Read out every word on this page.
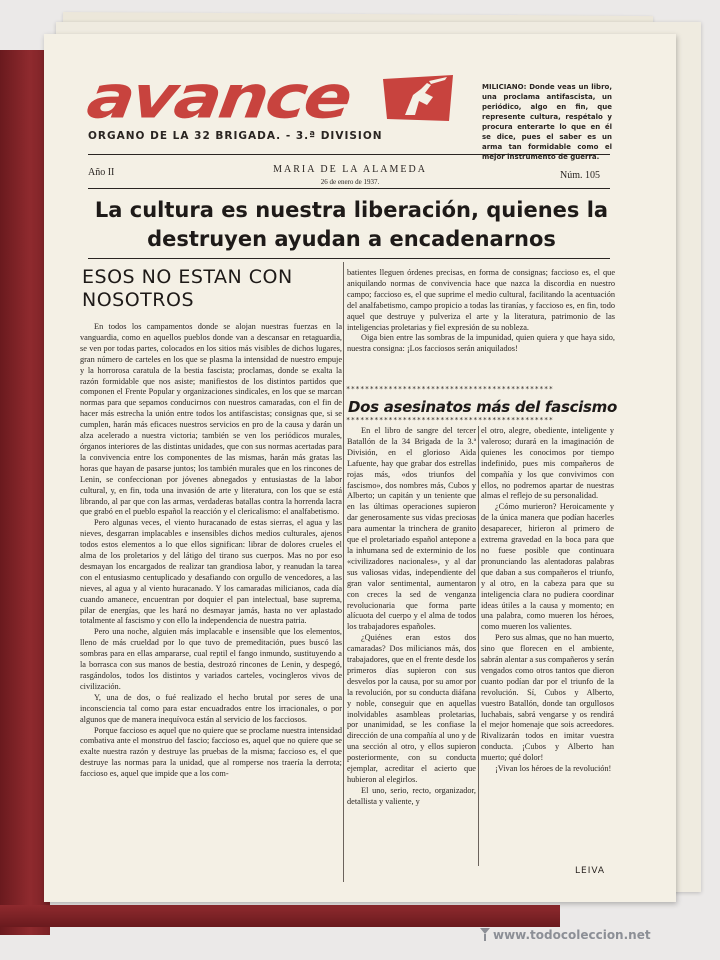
avance
ORGANO DE LA 32 BRIGADA. - 3.ª DIVISION
MILICIANO: Donde veas un libro, una proclama antifascista, un periódico, algo en fin, que represente cultura, respétalo y procura enterarte lo que en él se dice, pues el saber es un arma tan formidable como el mejor instrumento de guerra.
Año II	MARIA DE LA ALAMEDA
26 de enero de 1937.
Núm. 105
La cultura es nuestra liberación, quienes la destruyen ayudan a encadenarnos
ESOS NO ESTAN CON NOSOTROS

En todos los campamentos donde se alojan nuestras fuerzas en la vanguardia, como en aquellos pueblos donde van a descansar en retaguardia, se ven por todas partes, colocados en los sitios más visibles de dichos lugares, gran número de carteles en los que se plasma la intensidad de nuestro empuje y la horrorosa caratula de la bestia fascista; proclamas, donde se exalta la razón formidable que nos asiste; manifiestos de los distintos partidos que componen el Frente Popular y organizaciones sindicales, en los que se marcan normas para que sepamos conducirnos con nuestros camaradas, con el fin de hacer más estrecha la unión entre todos los antifascistas; consignas que, si se cumplen, harán más eficaces nuestros servicios en pro de la causa y darán un alza acelerado a nuestra victoria; también se ven los periódicos murales, órganos interiores de las distintas unidades, que con sus normas acertadas para la convivencia entre los componentes de las mismas, harán más gratas las horas que hayan de pasarse juntos; los también murales que en los rincones de Lenin, se confeccionan por jóvenes abnegados y entusiastas de la labor cultural, y, en fin, toda una invasión de arte y literatura, con los que se está librando, al par que con las armas, verdaderas batallas contra la horrenda lacra que grabó en el pueblo español la reacción y el clericalismo: el analfabetismo.

Pero algunas veces, el viento huracanado de estas sierras, el agua y las nieves, desgarran implacables e insensibles dichos medios culturales, ajenos todos estos elementos a lo que ellos significan: librar de dolores crueles el alma de los proletarios y del látigo del tirano sus cuerpos. Mas no por eso desmayan los encargados de realizar tan grandiosa labor, y reanudan la tarea con el entusiasmo centuplicado y desafiando con orgullo de vencedores, a las nieves, al agua y al viento huracanado. Y los camaradas milicianos, cada día cuando amanece, encuentran por doquier el pan intelectual, base suprema, pilar de energías, que les hará no desmayar jamás, hasta no ver aplastado totalmente al fascismo y con ello la independencia de nuestra patria.

Pero una noche, alguien más implacable e insensible que los elementos, lleno de más crueldad por lo que tuvo de premeditación, pues buscó las sombras para en ellas ampararse, cual reptil el fango inmundo, sustituyendo a la borrasca con sus manos de bestia, destrozó rincones de Lenin, y despegó, rasgándolos, todos los distintos y variados carteles, vocingleros vivos de civilización.

Y, una de dos, o fué realizado el hecho brutal por seres de una inconsciencia tal como para estar encuadrados entre los irracionales, o por algunos que de manera inequívoca están al servicio de los facciosos.

Porque faccioso es aquel que no quiere que se proclame nuestra intensidad combativa ante el monstruo del fascio; faccioso es, aquel que no quiere que se exalte nuestra razón y destruye las pruebas de la misma; faccioso es, el que destruye las normas para la unidad, que al romperse nos traería la derrota; faccioso es, aquel que impide que a los com-

batientes lleguen órdenes precisas, en forma de consignas; faccioso es, el que aniquilando normas de convivencia hace que nazca la discordia en nuestro campo; faccioso es, el que suprime el medio cultural, facilitando la acentuación del analfabetismo, campo propicio a todas las tiranías, y faccioso es, en fin, todo aquel que destruye y pulveriza el arte y la literatura, patrimonio de las inteligencias proletarias y fiel expresión de su nobleza.

Oiga bien entre las sombras de la impunidad, quien quiera y que haya sido, nuestra consigna: ¡Los facciosos serán aniquilados!

********************************************
Dos asesinatos más del fascismo
********************************************

En el libro de sangre del tercer Batallón de la 34 Brigada de la 3.ª División, en el glorioso Aida Lafuente, hay que grabar dos estrellas rojas más, «dos triunfos del fascismo», dos nombres más, Cubos y Alberto; un capitán y un teniente que en las últimas operaciones supieron dar generosamente sus vidas preciosas para aumentar la trinchera de granito que el proletariado español antepone a la inhumana sed de exterminio de los «civilizadores nacionales», y al dar sus valiosas vidas, independiente del gran valor sentimental, aumentaron con creces la sed de venganza revolucionaria que forma parte alícuota del cuerpo y el alma de todos los trabajadores españoles.

¿Quiénes eran estos dos camaradas? Dos milicianos más, dos trabajadores, que en el frente desde los primeros días supieron con sus desvelos por la causa, por su amor por la revolución, por su conducta diáfana y noble, conseguir que en aquellas inolvidables asambleas proletarias, por unanimidad, se les confiase la dirección de una compañía al uno y de una sección al otro, y ellos supieron posteriormente, con su conducta ejemplar, acreditar el acierto que hubieron al elegirlos.

El uno, serio, recto, organizador, detallista y valiente, y

el otro, alegre, obediente, inteligente y valeroso; durará en la imaginación de quienes les conocimos por tiempo indefinido, pues mis compañeros de compañía y los que convivimos con ellos, no podremos apartar de nuestras almas el reflejo de su personalidad.

¿Cómo murieron? Heroicamente y de la única manera que podían hacerles desaparecer, hirieron al primero de extrema gravedad en la boca para que no fuese posible que continuara pronunciando las alentadoras palabras que daban a sus compañeros el triunfo, y al otro, en la cabeza para que su inteligencia clara no pudiera coordinar ideas útiles a la causa y momento; en una palabra, como mueren los héroes, como mueren los valientes.

Pero sus almas, que no han muerto, sino que florecen en el ambiente, sabrán alentar a sus compañeros y serán vengados como otros tantos que dieron cuanto podían dar por el triunfo de la revolución. Sí, Cubos y Alberto, vuestro Batallón, donde tan orgullosos luchabais, sabrá vengarse y os rendirá el mejor homenaje que sois acreedores. Rivalizarán todos en imitar vuestra conducta. ¡Cubos y Alberto han muerto; qué dolor!

¡Vivan los héroes de la revolución!

LEIVA
www.todocoleccion.net
